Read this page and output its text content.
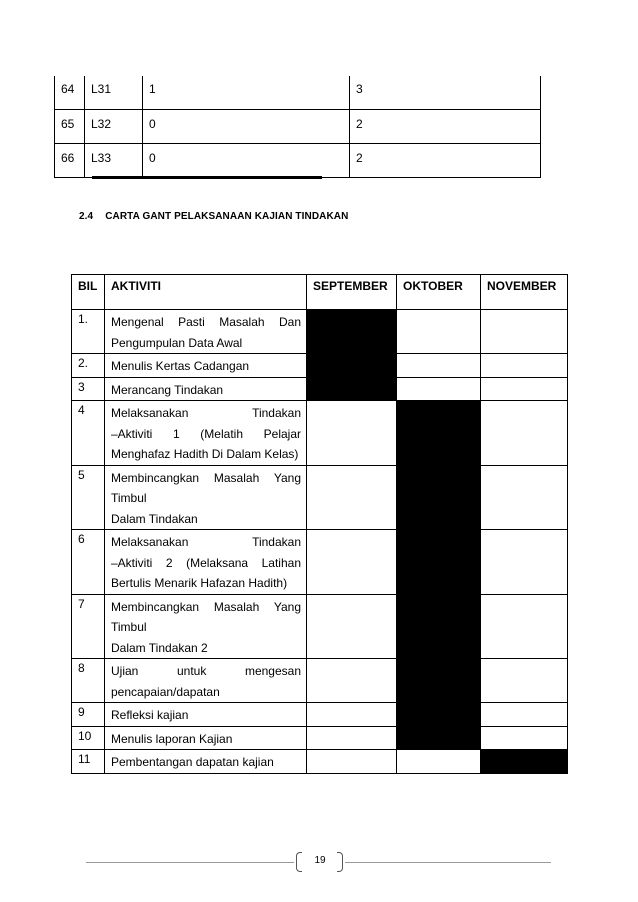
64	L31	1	3
65	L32	0	2
66	L33	0	2
2.4 CARTA GANT PELAKSANAAN KAJIAN TINDAKAN
BIL	AKTIVITI	SEPTEMBER	OKTOBER	NOVEMBER
1.	Mengenal Pasti Masalah Dan
Pengumpulan Data Awal			

2.	Menulis Kertas Cadangan			

3	Merancang Tindakan			

4	Melaksanakan Tindakan
–Aktiviti 1 (Melatih Pelajar
Menghafaz Hadith Di Dalam Kelas)			

5	Membincangkan Masalah Yang
Timbul
Dalam Tindakan			

6	Melaksanakan Tindakan
–Aktiviti 2 (Melaksana Latihan
Bertulis Menarik Hafazan Hadith)			

7	Membincangkan Masalah Yang
Timbul
Dalam Tindakan 2			

8	Ujian untuk mengesan
pencapaian/dapatan			

9	Refleksi kajian			

10	Menulis laporan Kajian			

11	Pembentangan dapatan kajian			

19
